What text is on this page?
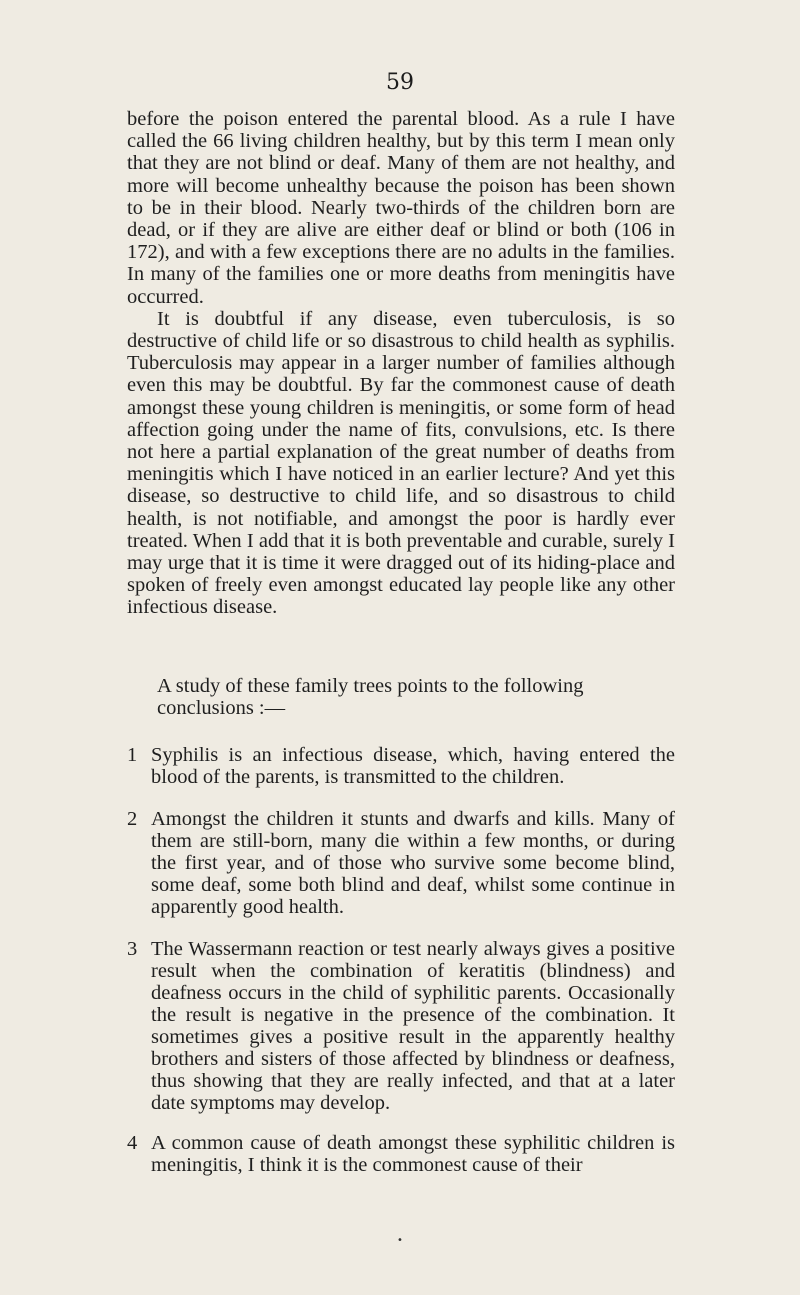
59

before the poison entered the parental blood. As a rule I have called the 66 living children healthy, but by this term I mean only that they are not blind or deaf. Many of them are not healthy, and more will become unhealthy because the poison has been shown to be in their blood. Nearly two-thirds of the children born are dead, or if they are alive are either deaf or blind or both (106 in 172), and with a few exceptions there are no adults in the families. In many of the families one or more deaths from meningitis have occurred.

It is doubtful if any disease, even tuberculosis, is so destructive of child life or so disastrous to child health as syphilis. Tuberculosis may appear in a larger number of families although even this may be doubtful. By far the commonest cause of death amongst these young children is meningitis, or some form of head affection going under the name of fits, convulsions, etc. Is there not here a partial explanation of the great number of deaths from meningitis which I have noticed in an earlier lecture? And yet this disease, so destructive to child life, and so disastrous to child health, is not notifiable, and amongst the poor is hardly ever treated. When I add that it is both preventable and curable, surely I may urge that it is time it were dragged out of its hiding-place and spoken of freely even amongst educated lay people like any other infectious disease.

A study of these family trees points to the following conclusions :—
1 Syphilis is an infectious disease, which, having entered the blood of the parents, is transmitted to the children.
2 Amongst the children it stunts and dwarfs and kills. Many of them are still-born, many die within a few months, or during the first year, and of those who survive some become blind, some deaf, some both blind and deaf, whilst some continue in apparently good health.
3 The Wassermann reaction or test nearly always gives a positive result when the combination of keratitis (blindness) and deafness occurs in the child of syphilitic parents. Occasionally the result is negative in the presence of the combination. It sometimes gives a positive result in the apparently healthy brothers and sisters of those affected by blindness or deafness, thus showing that they are really infected, and that at a later date symptoms may develop.
4 A common cause of death amongst these syphilitic children is meningitis, I think it is the commonest cause of their
•
